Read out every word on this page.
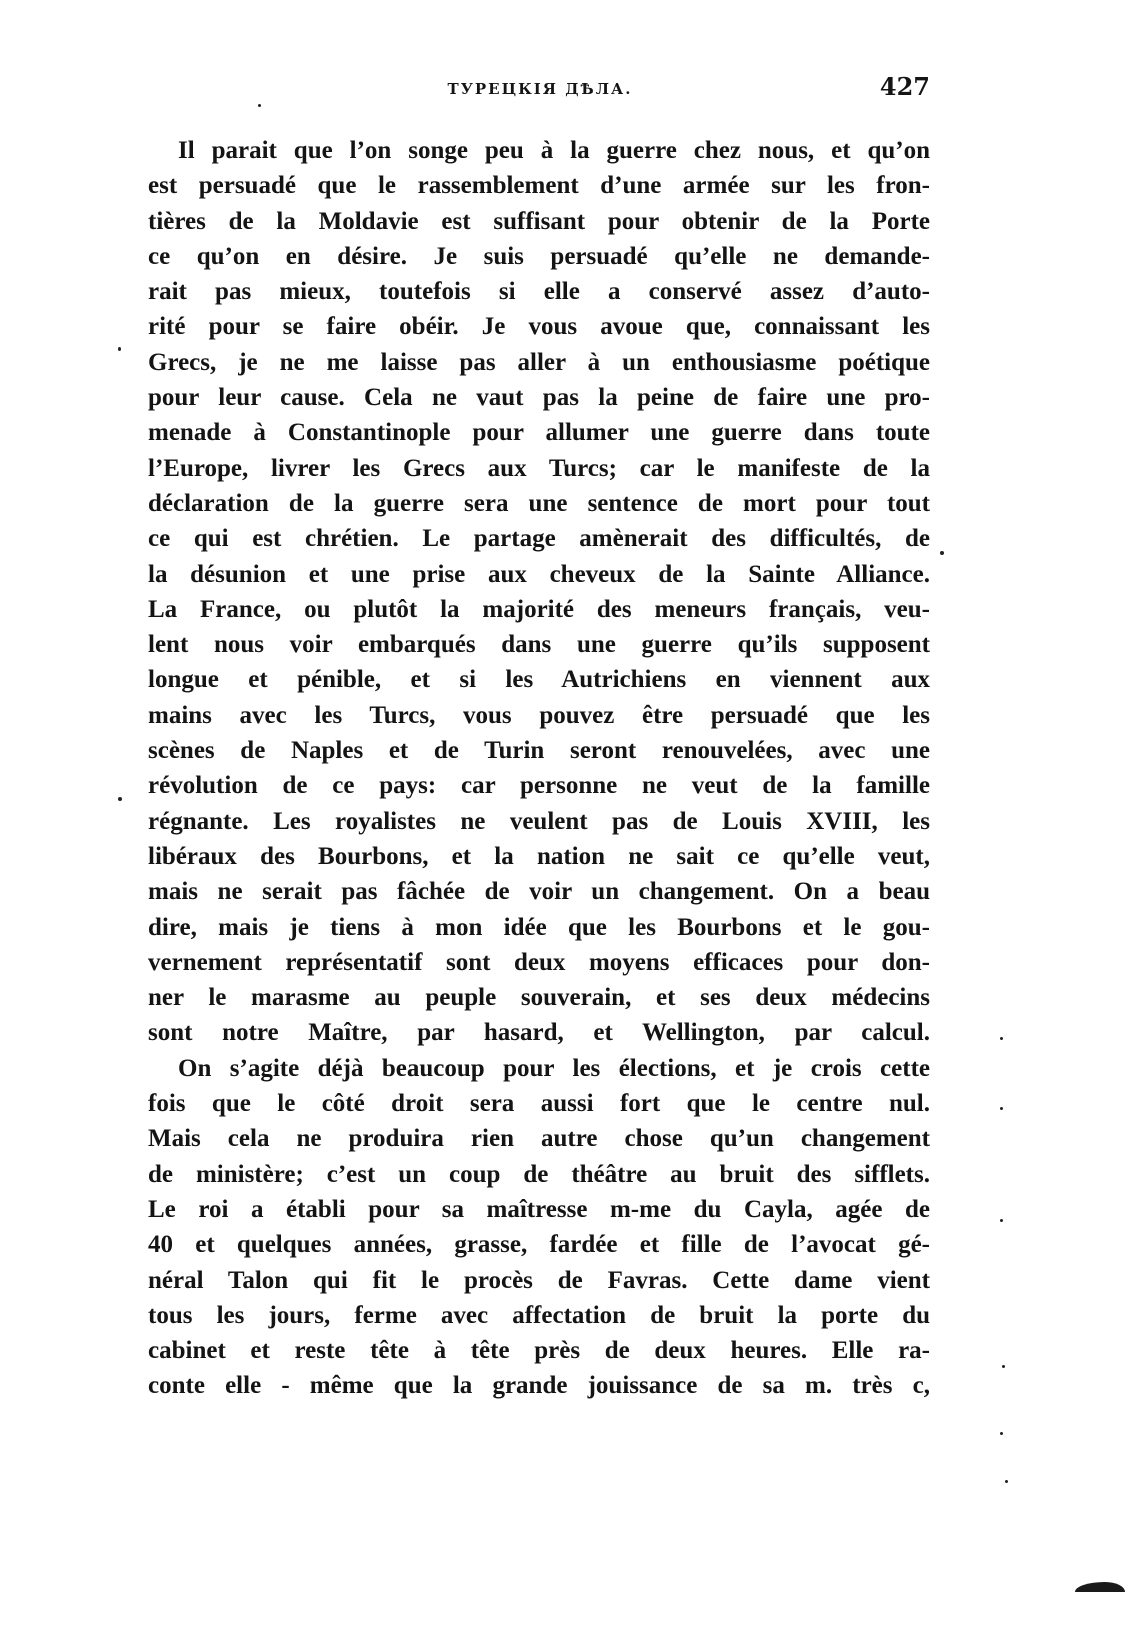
ТУРЕЦКІЯ ДѢЛА.	427
Il parait que l’on songe peu à la guerre chez nous, et qu’on
est persuadé que le rassemblement d’une armée sur les fron-
tières de la Moldavie est suffisant pour obtenir de la Porte
ce qu’on en désire. Je suis persuadé qu’elle ne demande-
rait pas mieux, toutefois si elle a conservé assez d’auto-
rité pour se faire obéir. Je vous avoue que, connaissant les
Grecs, je ne me laisse pas aller à un enthousiasme poétique
pour leur cause. Cela ne vaut pas la peine de faire une pro-
menade à Constantinople pour allumer une guerre dans toute
l’Europe, livrer les Grecs aux Turcs; car le manifeste de la
déclaration de la guerre sera une sentence de mort pour tout
ce qui est chrétien. Le partage amènerait des difficultés, de
la désunion et une prise aux cheveux de la Sainte Alliance.
La France, ou plutôt la majorité des meneurs français, veu-
lent nous voir embarqués dans une guerre qu’ils supposent
longue et pénible, et si les Autrichiens en viennent aux
mains avec les Turcs, vous pouvez être persuadé que les
scènes de Naples et de Turin seront renouvelées, avec une
révolution de ce pays: car personne ne veut de la famille
régnante. Les royalistes ne veulent pas de Louis XVIII, les
libéraux des Bourbons, et la nation ne sait ce qu’elle veut,
mais ne serait pas fâchée de voir un changement. On a beau
dire, mais je tiens à mon idée que les Bourbons et le gou-
vernement représentatif sont deux moyens efficaces pour don-
ner le marasme au peuple souverain, et ses deux médecins
sont notre Maître, par hasard, et Wellington, par calcul.
On s’agite déjà beaucoup pour les élections, et je crois cette
fois que le côté droit sera aussi fort que le centre nul.
Mais cela ne produira rien autre chose qu’un changement
de ministère; c’est un coup de théâtre au bruit des sifflets.
Le roi a établi pour sa maîtresse m-me du Cayla, agée de
40 et quelques années, grasse, fardée et fille de l’avocat gé-
néral Talon qui fit le procès de Favras. Cette dame vient
tous les jours, ferme avec affectation de bruit la porte du
cabinet et reste tête à tête près de deux heures. Elle ra-
conte elle - même que la grande jouissance de sa m. très c,
